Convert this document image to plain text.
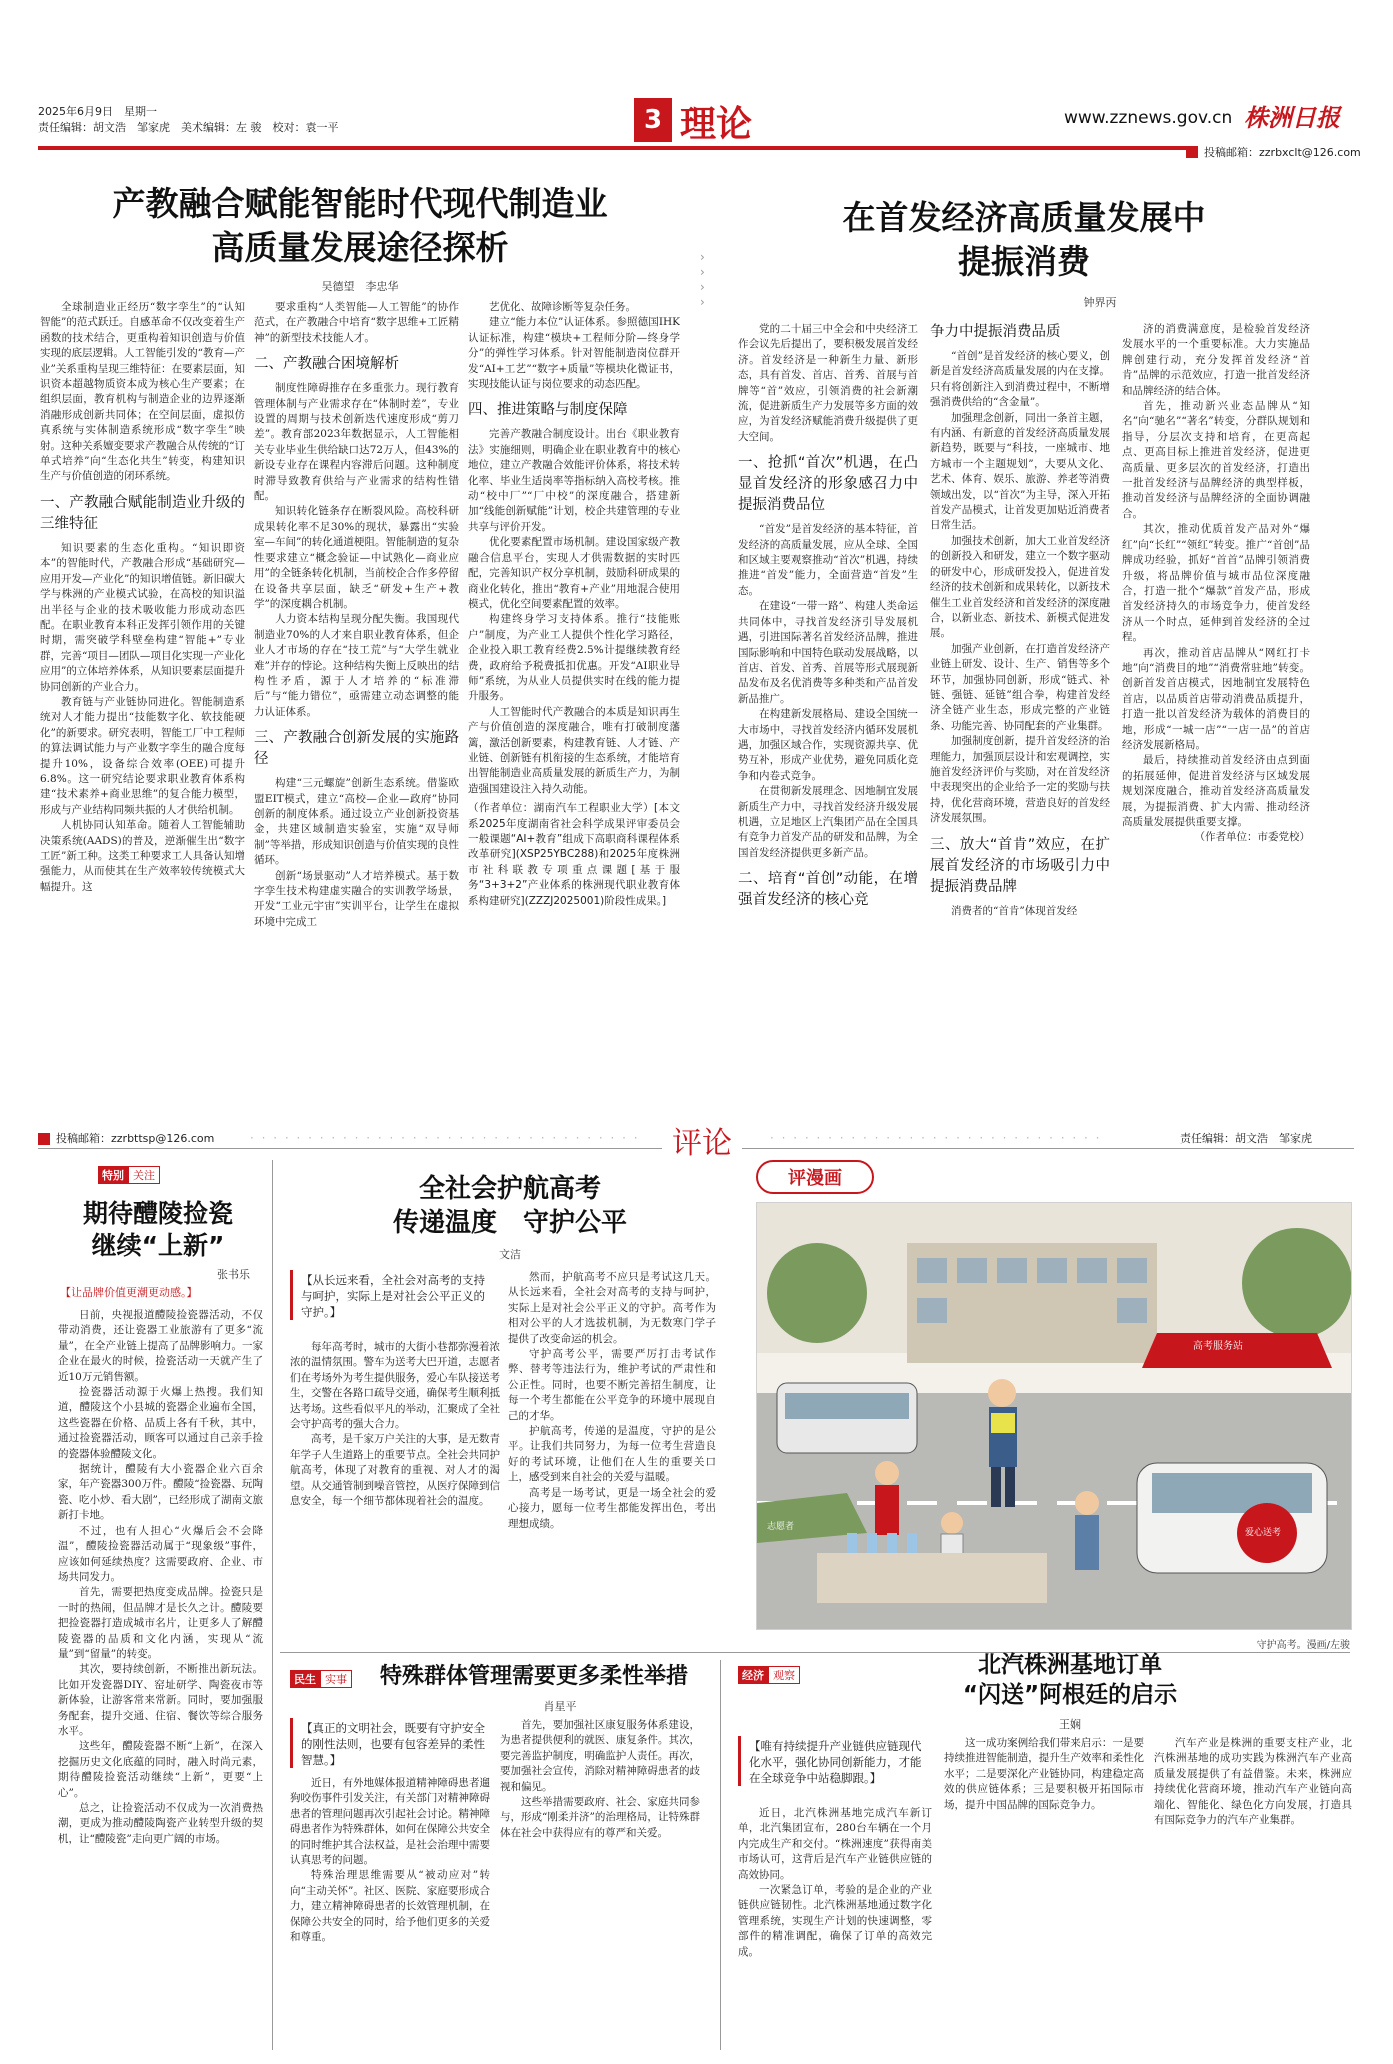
2025年6月9日　星期一
责任编辑：胡文浩　邹家虎　美术编辑：左 骏　校对：袁一平	3 理论	www.zznews.gov.cn 株洲日报
投稿邮箱：zzrbxclt@126.com
产教融合赋能智能时代现代制造业
高质量发展途径探析
吴德望　李忠华

全球制造业正经历“数字孪生”的“认知智能”的范式跃迁。自感革命不仅改变着生产函数的技术结合，更重构着知识创造与价值实现的底层逻辑。人工智能引发的“教育—产业”关系重构呈现三维特征：在要素层面，知识资本超越物质资本成为核心生产要素；在组织层面，教育机构与制造企业的边界逐渐消融形成创新共同体；在空间层面，虚拟仿真系统与实体制造系统形成“数字孪生”映射。这种关系嬗变要求产教融合从传统的“订单式培养”向“生态化共生”转变，构建知识生产与价值创造的闭环系统。

一、产教融合赋能制造业升级的三维特征

知识要素的生态化重构。“知识即资本”的智能时代，产教融合形成“基础研究—应用开发—产业化”的知识增值链。新旧碳大学与株洲的产业模式试验，在高校的知识溢出半径与企业的技术吸收能力形成动态匹配。在职业教育本科正发挥引领作用的关键时期，需突破学科壁垒构建“智能+”专业群，完善“项目—团队—项目化实现一产业化应用”的立体培养体系，从知识要素层面提升协同创新的产业合力。

教育链与产业链协同进化。智能制造系统对人才能力提出“技能数字化、软技能硬化”的新要求。研究表明，智能工厂中工程师的算法调试能力与产业数字孪生的融合度每提升10%，设备综合效率(OEE)可提升6.8%。这一研究结论要求职业教育体系构建“技术素养+商业思维”的复合能力模型，形成与产业结构同频共振的人才供给机制。

人机协同认知革命。随着人工智能辅助决策系统(AADS)的普及，逆渐催生出“数字工匠”新工种。这类工种要求工人具备认知增强能力，从而使其在生产效率较传统模式大幅提升。这

要求重构“人类智能—人工智能”的协作范式，在产教融合中培育“数字思维+工匠精神”的新型技术技能人才。

二、产教融合困境解析

制度性障碍推存在多重张力。现行教育管理体制与产业需求存在“体制时差”，专业设置的周期与技术创新迭代速度形成“剪刀差”。教育部2023年数据显示，人工智能相关专业毕业生供给缺口达72万人，但43%的新设专业存在课程内容滞后问题。这种制度时滞导致教育供给与产业需求的结构性错配。

知识转化链条存在断裂风险。高校科研成果转化率不足30%的现状，暴露出“实验室—车间”的转化通道梗阻。智能制造的复杂性要求建立“概念验证—中试熟化—商业应用”的全链条转化机制，当前校企合作多停留在设备共享层面，缺乏“研发+生产+教学”的深度耦合机制。

人力资本结构呈现分配失衡。我国现代制造业70%的人才来自职业教育体系，但企业人才市场的存在“技工荒”与“大学生就业难”并存的悖论。这种结构失衡上反映出的结构性矛盾，源于人才培养的“标准滞后”与“能力错位”，亟需建立动态调整的能力认证体系。

三、产教融合创新发展的实施路径

构建“三元螺旋”创新生态系统。借鉴欧盟EIT模式，建立“高校—企业—政府”协同创新的制度体系。通过设立产业创新投资基金，共建区域制造实验室，实施“双导师制”等举措，形成知识创造与价值实现的良性循环。

创新“场景驱动”人才培养模式。基于数字孪生技术构建虚实融合的实训教学场景，开发“工业元宇宙”实训平台，让学生在虚拟环境中完成工

艺优化、故障诊断等复杂任务。

建立“能力本位”认证体系。参照德国IHK认证标准，构建“模块+工程师分阶—终身学分”的弹性学习体系。针对智能制造岗位群开发“AI+工艺”“数字+质量”等模块化微证书，实现技能认证与岗位要求的动态匹配。

四、推进策略与制度保障

完善产教融合制度设计。出台《职业教育法》实施细则，明确企业在职业教育中的核心地位，建立产教融合效能评价体系，将技术转化率、毕业生适岗率等指标纳入高校考核。推动“校中厂”“厂中校”的深度融合，搭建新加“线能创新赋能”计划，校企共建管理的专业共享与评价开发。

优化要素配置市场机制。建设国家级产教融合信息平台，实现人才供需数据的实时匹配，完善知识产权分享机制，鼓励科研成果的商业化转化，推出“教育+产业”用地混合使用模式，优化空间要素配置的效率。

构建终身学习支持体系。推行“技能账户”制度，为产业工人提供个性化学习路径，企业投入职工教育经费2.5%计提继续教育经费，政府给予税费抵扣优惠。开发“AI职业导师”系统，为从业人员提供实时在线的能力提升服务。

人工智能时代产教融合的本质是知识再生产与价值创造的深度融合，唯有打破制度藩篱，激活创新要素，构建教育链、人才链、产业链、创新链有机衔接的生态系统，才能培育出智能制造业高质量发展的新质生产力，为制造强国建设注入持久动能。

（作者单位：湖南汽车工程职业大学）[本文系2025年度湖南省社会科学成果评审委员会一般课题“AI+教育”组成下高职商科课程体系改革研究](XSP25YBC288)和2025年度株洲市社科联教专项重点课题[基于服务“3+3+2”产业体系的株洲现代职业教育体系构建研究](ZZZJ2025001)阶段性成果。]

›
›
›
›
在首发经济高质量发展中
提振消费
钟界丙

党的二十届三中全会和中央经济工作会议先后提出了，要积极发展首发经济。首发经济是一种新生力量、新形态，具有首发、首店、首秀、首展与首牌等“首”效应，引领消费的社会新潮流，促进新质生产力发展等多方面的效应，为首发经济赋能消费升级提供了更大空间。

一、抢抓“首次”机遇，在凸显首发经济的形象感召力中提振消费品位

“首发”是首发经济的基本特征，首发经济的高质量发展，应从全球、全国和区域主要观察推动“首次”机遇，持续推进“首发”能力，全面营造“首发”生态。

在建设“一带一路”、构建人类命运共同体中，寻找首发经济引导发展机遇，引进国际著名首发经济品牌，推进国际影响和中国特色联动发展战略，以首店、首发、首秀、首展等形式展现新品发布及名优消费等多种类和产品首发新品推广。

在构建新发展格局、建设全国统一大市场中，寻找首发经济内循环发展机遇，加强区域合作，实现资源共享、优势互补，形成产业优势，避免同质化竞争和内卷式竞争。

在贯彻新发展理念、因地制宜发展新质生产力中，寻找首发经济升级发展机遇，立足地区上汽集团产品在全国具有竞争力首发产品的研发和品牌，为全国首发经济提供更多新产品。

二、培育“首创”动能，在增强首发经济的核心竞
争力中提振消费品质

“首创”是首发经济的核心要义，创新是首发经济高质量发展的内在支撑。只有将创新注入到消费过程中，不断增强消费供给的“含金量”。

加强理念创新，同出一条首主题，有内涵、有新意的首发经济高质量发展新趋势，既要与“科技，一座城市、地方城市一个主题规划”，大要从文化、艺术、体育、娱乐、旅游、养老等消费领域出发，以“首次”为主导，深入开拓首发产品模式，让首发更加贴近消费者日常生活。

加强技术创新，加大工业首发经济的创新投入和研发，建立一个数字驱动的研发中心，形成研发投入，促进首发经济的技术创新和成果转化，以新技术催生工业首发经济和首发经济的深度融合，以新业态、新技术、新模式促进发展。

加强产业创新，在打造首发经济产业链上研发、设计、生产、销售等多个环节，加强协同创新，形成“链式、补链、强链、延链”组合拳，构建首发经济全链产业生态，形成完整的产业链条、功能完善、协同配套的产业集群。

加强制度创新，提升首发经济的治理能力，加强顶层设计和宏观调控，实施首发经济评价与奖励，对在首发经济中表现突出的企业给予一定的奖励与扶持，优化营商环境，营造良好的首发经济发展氛围。

三、放大“首肯”效应，在扩展首发经济的市场吸引力中提振消费品牌

消费者的“首肯”体现首发经

济的消费满意度，是检验首发经济发展水平的一个重要标准。大力实施品牌创建行动，充分发挥首发经济“首肯”品牌的示范效应，打造一批首发经济和品牌经济的结合体。

首先，推动新兴业态品牌从“知名”向“驰名”“著名”转变，分群队规划和指导，分层次支持和培育，在更高起点、更高目标上推进首发经济，促进更高质量、更多层次的首发经济，打造出一批首发经济与品牌经济的典型样板，推动首发经济与品牌经济的全面协调融合。

其次，推动优质首发产品对外“爆红”向“长红”“领红”转变。推广“首创”品牌成功经验，抓好“首首”品牌引领消费升级，将品牌价值与城市品位深度融合，打造一批个“爆款”首发产品，形成首发经济持久的市场竞争力，使首发经济从一个时点，延伸到首发经济的全过程。

再次，推动首店品牌从“网红打卡地”向“消费目的地”“消费常驻地”转变。创新首发首店模式，因地制宜发展特色首店，以品质首店带动消费品质提升，打造一批以首发经济为载体的消费目的地，形成“一城一店”“一店一品”的首店经济发展新格局。

最后，持续推动首发经济由点到面的拓展延伸，促进首发经济与区域发展规划深度融合，推动首发经济高质量发展，为提振消费、扩大内需、推动经济高质量发展提供重要支撑。

（作者单位：市委党校）

投稿邮箱：zzrbttsp@126.com	· · · · · · · · · · · · · · · · · · · · · · · · · · · · · · · · · ·	评论	· · · · · · · · · · · · · · · · · · · · · · · · · · · · ·	责任编辑：胡文浩　邹家虎
特别 关注
期待醴陵捡瓷
继续“上新”
张书乐
【让品牌价值更潮更动感。】

日前，央视报道醴陵捡瓷器活动，不仅带动消费，还让瓷器工业旅游有了更多“流量”，在全产业链上提高了品牌影响力。一家企业在最火的时候，捡瓷活动一天就产生了近10万元销售额。

捡瓷器活动源于火爆上热搜。我们知道，醴陵这个小县城的瓷器企业遍布全国，这些瓷器在价格、品质上各有千秋，其中，通过捡瓷器活动，顾客可以通过自己亲手捡的瓷器体验醴陵文化。

据统计，醴陵有大小瓷器企业六百余家，年产瓷器300万件。醴陵“捡瓷器、玩陶瓷、吃小炒、看大剧”，已经形成了湖南文旅新打卡地。

不过，也有人担心“火爆后会不会降温”，醴陵捡瓷器活动属于“现象级”事件，应该如何延续热度？这需要政府、企业、市场共同发力。

首先，需要把热度变成品牌。捡瓷只是一时的热闹，但品牌才是长久之计。醴陵要把捡瓷器打造成城市名片，让更多人了解醴陵瓷器的品质和文化内涵，实现从“流量”到“留量”的转变。

其次，要持续创新，不断推出新玩法。比如开发瓷器DIY、窑址研学、陶瓷夜市等新体验，让游客常来常新。同时，要加强服务配套，提升交通、住宿、餐饮等综合服务水平。

这些年，醴陵瓷器不断“上新”，在深入挖掘历史文化底蕴的同时，融入时尚元素，期待醴陵捡瓷活动继续“上新”，更要“上心”。

总之，让捡瓷活动不仅成为一次消费热潮，更成为推动醴陵陶瓷产业转型升级的契机，让“醴陵瓷”走向更广阔的市场。

全社会护航高考
传递温度　守护公平
文洁
【从长远来看，全社会对高考的支持与呵护，实际上是对社会公平正义的守护。】

每年高考时，城市的大街小巷都弥漫着浓浓的温情氛围。警车为送考大巴开道，志愿者们在考场外为考生提供服务，爱心车队接送考生，交警在各路口疏导交通，确保考生顺利抵达考场。这些看似平凡的举动，汇聚成了全社会守护高考的强大合力。

高考，是千家万户关注的大事，是无数青年学子人生道路上的重要节点。全社会共同护航高考，体现了对教育的重视、对人才的渴望。从交通管制到噪音管控，从医疗保障到信息安全，每一个细节都体现着社会的温度。

然而，护航高考不应只是考试这几天。从长远来看，全社会对高考的支持与呵护，实际上是对社会公平正义的守护。高考作为相对公平的人才选拔机制，为无数寒门学子提供了改变命运的机会。

守护高考公平，需要严厉打击考试作弊、替考等违法行为，维护考试的严肃性和公正性。同时，也要不断完善招生制度，让每一个考生都能在公平竞争的环境中展现自己的才华。

护航高考，传递的是温度，守护的是公平。让我们共同努力，为每一位考生营造良好的考试环境，让他们在人生的重要关口上，感受到来自社会的关爱与温暖。

高考是一场考试，更是一场全社会的爱心接力，愿每一位考生都能发挥出色，考出理想成绩。

评漫画
高考服务站
爱心送考
志愿者
守护高考。漫画/左骏
民生 实事 特殊群体管理需要更多柔性举措
肖星平
【真正的文明社会，既要有守护安全的刚性法则，也要有包容差异的柔性智慧。】

近日，有外地媒体报道精神障碍患者遛狗咬伤事件引发关注，有关部门对精神障碍患者的管理问题再次引起社会讨论。精神障碍患者作为特殊群体，如何在保障公共安全的同时维护其合法权益，是社会治理中需要认真思考的问题。

特殊治理思维需要从“被动应对”转向“主动关怀”。社区、医院、家庭要形成合力，建立精神障碍患者的长效管理机制，在保障公共安全的同时，给予他们更多的关爱和尊重。

首先，要加强社区康复服务体系建设，为患者提供便利的就医、康复条件。其次，要完善监护制度，明确监护人责任。再次，要加强社会宣传，消除对精神障碍患者的歧视和偏见。

这些举措需要政府、社会、家庭共同参与，形成“刚柔并济”的治理格局，让特殊群体在社会中获得应有的尊严和关爱。

经济 观察	北汽株洲基地订单
“闪送”阿根廷的启示
王娴
【唯有持续提升产业链供应链现代化水平，强化协同创新能力，才能在全球竞争中站稳脚跟。】

近日，北汽株洲基地完成汽车新订单，北汽集团宣布，280台车辆在一个月内完成生产和交付。“株洲速度”获得南美市场认可，这背后是汽车产业链供应链的高效协同。

一次紧急订单，考验的是企业的产业链供应链韧性。北汽株洲基地通过数字化管理系统，实现生产计划的快速调整，零部件的精准调配，确保了订单的高效完成。

这一成功案例给我们带来启示：一是要持续推进智能制造，提升生产效率和柔性化水平；二是要深化产业链协同，构建稳定高效的供应链体系；三是要积极开拓国际市场，提升中国品牌的国际竞争力。

汽车产业是株洲的重要支柱产业，北汽株洲基地的成功实践为株洲汽车产业高质量发展提供了有益借鉴。未来，株洲应持续优化营商环境，推动汽车产业链向高端化、智能化、绿色化方向发展，打造具有国际竞争力的汽车产业集群。
